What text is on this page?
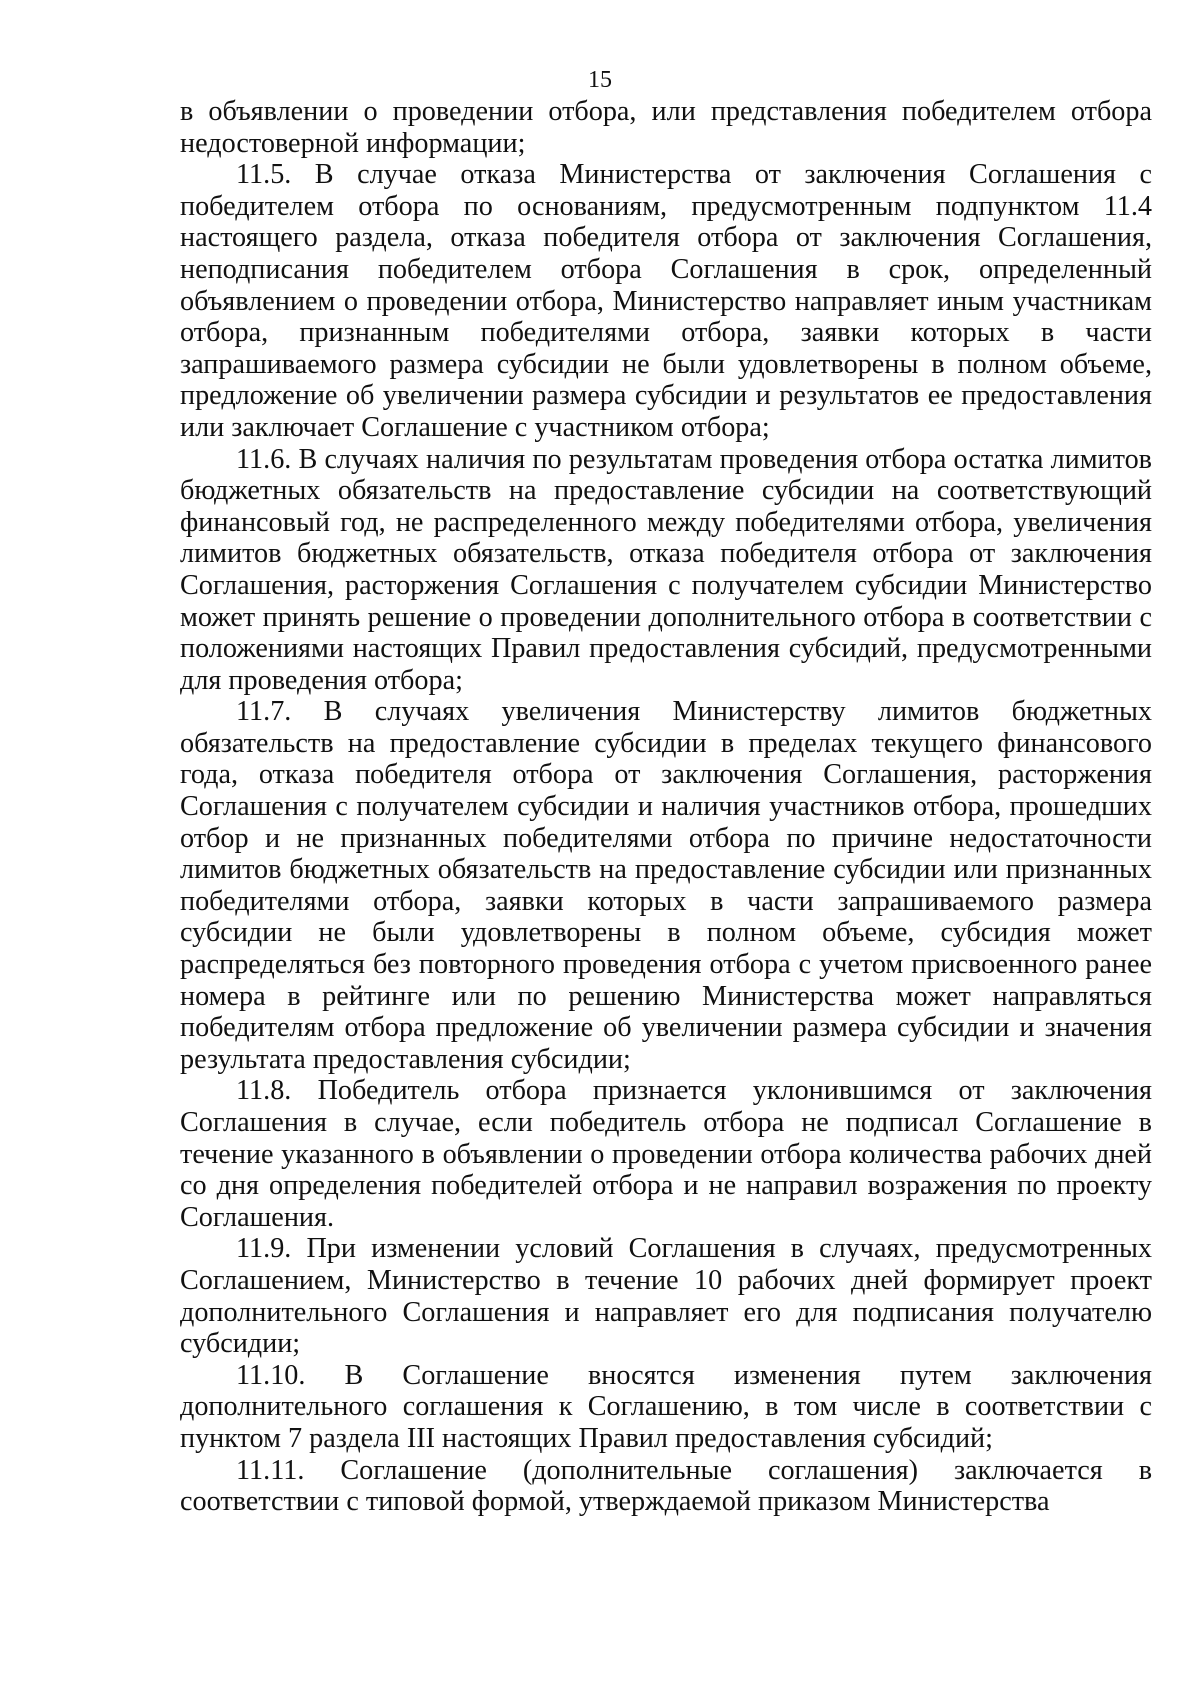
15

в объявлении о проведении отбора, или представления победителем отбора недостоверной информации;

11.5. В случае отказа Министерства от заключения Соглашения с победителем отбора по основаниям, предусмотренным подпунктом 11.4 настоящего раздела, отказа победителя отбора от заключения Соглашения, неподписания победителем отбора Соглашения в срок, определенный объявлением о проведении отбора, Министерство направляет иным участникам отбора, признанным победителями отбора, заявки которых в части запрашиваемого размера субсидии не были удовлетворены в полном объеме, предложение об увеличении размера субсидии и результатов ее предоставления или заключает Соглашение с участником отбора;

11.6. В случаях наличия по результатам проведения отбора остатка лимитов бюджетных обязательств на предоставление субсидии на соответствующий финансовый год, не распределенного между победителями отбора, увеличения лимитов бюджетных обязательств, отказа победителя отбора от заключения Соглашения, расторжения Соглашения с получателем субсидии Министерство может принять решение о проведении дополнительного отбора в соответствии с положениями настоящих Правил предоставления субсидий, предусмотренными для проведения отбора;

11.7. В случаях увеличения Министерству лимитов бюджетных обязательств на предоставление субсидии в пределах текущего финансового года, отказа победителя отбора от заключения Соглашения, расторжения Соглашения с получателем субсидии и наличия участников отбора, прошедших отбор и не признанных победителями отбора по причине недостаточности лимитов бюджетных обязательств на предоставление субсидии или признанных победителями отбора, заявки которых в части запрашиваемого размера субсидии не были удовлетворены в полном объеме, субсидия может распределяться без повторного проведения отбора с учетом присвоенного ранее номера в рейтинге или по решению Министерства может направляться победителям отбора предложение об увеличении размера субсидии и значения результата предоставления субсидии;

11.8. Победитель отбора признается уклонившимся от заключения Соглашения в случае, если победитель отбора не подписал Соглашение в течение указанного в объявлении о проведении отбора количества рабочих дней со дня определения победителей отбора и не направил возражения по проекту Соглашения.

11.9. При изменении условий Соглашения в случаях, предусмотренных Соглашением, Министерство в течение 10 рабочих дней формирует проект дополнительного Соглашения и направляет его для подписания получателю субсидии;

11.10. В Соглашение вносятся изменения путем заключения дополнительного соглашения к Соглашению, в том числе в соответствии с пунктом 7 раздела III настоящих Правил предоставления субсидий;

11.11. Соглашение (дополнительные соглашения) заключается в соответствии с типовой формой, утверждаемой приказом Министерства
